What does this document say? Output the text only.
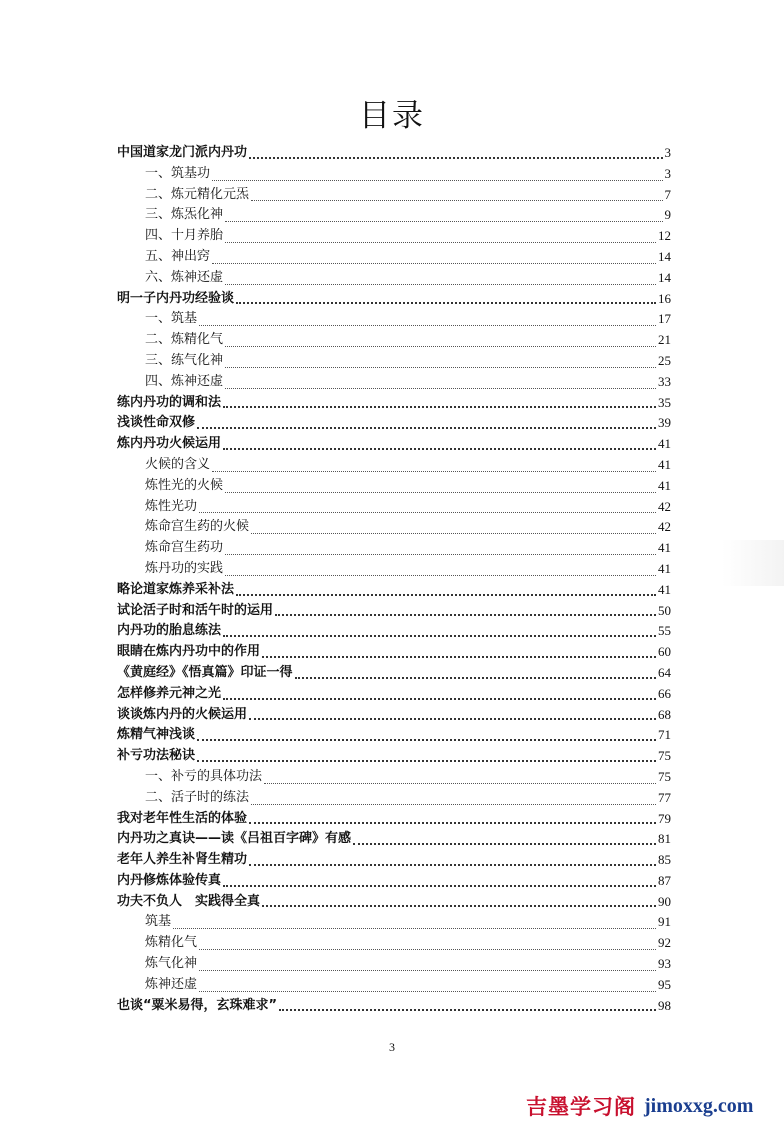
目录
中国道家龙门派内丹功	3
一、筑基功	3
二、炼元精化元炁	7
三、炼炁化神	9
四、十月养胎	12
五、神出窍	14
六、炼神还虚	14
明一子内丹功经验谈	16
一、筑基	17
二、炼精化气	21
三、练气化神	25
四、炼神还虚	33
练内丹功的调和法	35
浅谈性命双修	39
炼内丹功火候运用	41
火候的含义	41
炼性光的火候	41
炼性光功	42
炼命宫生药的火候	42
炼命宫生药功	41
炼丹功的实践	41
略论道家炼养采补法	41
试论活子时和活午时的运用	50
内丹功的胎息练法	55
眼睛在炼内丹功中的作用	60
《黄庭经》《悟真篇》印证一得	64
怎样修养元神之光	66
谈谈炼内丹的火候运用	68
炼精气神浅谈	71
补亏功法秘诀	75
一、补亏的具体功法	75
二、活子时的练法	77
我对老年性生活的体验	79
内丹功之真诀——读《吕祖百字碑》有感	81
老年人养生补肾生精功	85
内丹修炼体验传真	87
功夫不负人　实践得全真	90
筑基	91
炼精化气	92
炼气化神	93
炼神还虚	95
也谈“粟米易得，玄珠难求”	98
3
吉墨学习阁 jimoxxg.com
